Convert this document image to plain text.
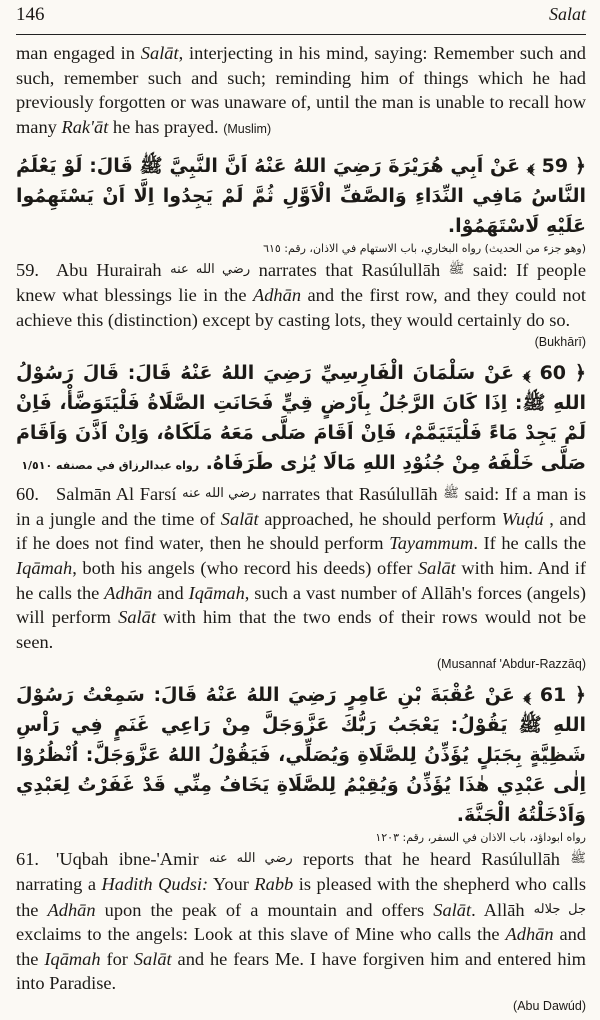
146	Salat

man engaged in Salāt, interjecting in his mind, saying: Remember such and such, remember such and such; reminding him of things which he had previously forgotten or was unaware of, until the man is unable to recall how many Rak'āt he has prayed. (Muslim)

﴿ 59 ﴾ عَنْ اَبِي هُرَيْرَةَ رَضِيَ اللهُ عَنْهُ اَنَّ النَّبِيَّ ﷺ قَالَ: لَوْ يَعْلَمُ النَّاسُ مَافِي النِّدَاءِ وَالصَّفِّ الْاَوَّلِ ثُمَّ لَمْ يَجِدُوا اِلَّا اَنْ يَسْتَهِمُوا عَلَيْهِ لَاسْتَهَمُوْا.

(وهو جزء من الحديث) رواه البخاري، باب الاستهام في الاذان، رقم: ٦١٥

59. Abu Hurairah رضي الله عنه narrates that Rasúlullāh ﷺ said: If people knew what blessings lie in the Adhān and the first row, and they could not achieve this (distinction) except by casting lots, they would certainly do so.

(Bukhārī)

﴿ 60 ﴾ عَنْ سَلْمَانَ الْفَارِسِيِّ رَضِيَ اللهُ عَنْهُ قَالَ: قَالَ رَسُوْلُ اللهِ ﷺ: اِذَا كَانَ الرَّجُلُ بِاَرْضٍ قِيٍّ فَحَانَتِ الصَّلَاةُ فَلْيَتَوَضَّأْ، فَاِنْ لَمْ يَجِدْ مَاءً فَلْيَتَيَمَّمْ، فَاِنْ اَقَامَ صَلَّى مَعَهُ مَلَكَاهُ، وَاِنْ اَذَّنَ وَاَقَامَ صَلَّى خَلْفَهُ مِنْ جُنُوْدِ اللهِ مَالَا يُرٰى طَرَفَاهُ. رواه عبدالرزاق في مصنفه ١/٥١٠

60. Salmān Al Farsí رضي الله عنه narrates that Rasúlullāh ﷺ said: If a man is in a jungle and the time of Salāt approached, he should perform Wuḍú , and if he does not find water, then he should perform Tayammum. If he calls the Iqāmah, both his angels (who record his deeds) offer Salāt with him. And if he calls the Adhān and Iqāmah, such a vast number of Allāh's forces (angels) will perform Salāt with him that the two ends of their rows would not be seen.

(Musannaf 'Abdur-Razzāq)

﴿ 61 ﴾ عَنْ عُقْبَةَ بْنِ عَامِرٍ رَضِيَ اللهُ عَنْهُ قَالَ: سَمِعْتُ رَسُوْلَ اللهِ ﷺ يَقُوْلُ: يَعْجَبُ رَبُّكَ عَزَّوَجَلَّ مِنْ رَاعِي غَنَمٍ فِي رَاْسِ شَظِيَّةٍ بِجَبَلٍ يُؤَذِّنُ لِلصَّلَاةِ وَيُصَلِّي، فَيَقُوْلُ اللهُ عَزَّوَجَلَّ: اُنْظُرُوْا اِلٰى عَبْدِي هٰذَا يُؤَذِّنُ وَيُقِيْمُ لِلصَّلَاةِ يَخَافُ مِنِّي قَدْ غَفَرْتُ لِعَبْدِي وَاَدْخَلْتُهُ الْجَنَّةَ.

رواه ابوداؤد، باب الاذان في السفر، رقم: ١٢٠٣

61. 'Uqbah ibne-'Amir رضي الله عنه reports that he heard Rasúlullāh ﷺ narrating a Hadith Qudsi: Your Rabb is pleased with the shepherd who calls the Adhān upon the peak of a mountain and offers Salāt. Allāh جل جلاله exclaims to the angels: Look at this slave of Mine who calls the Adhān and the Iqāmah for Salāt and he fears Me. I have forgiven him and entered him into Paradise.

(Abu Dawúd)
